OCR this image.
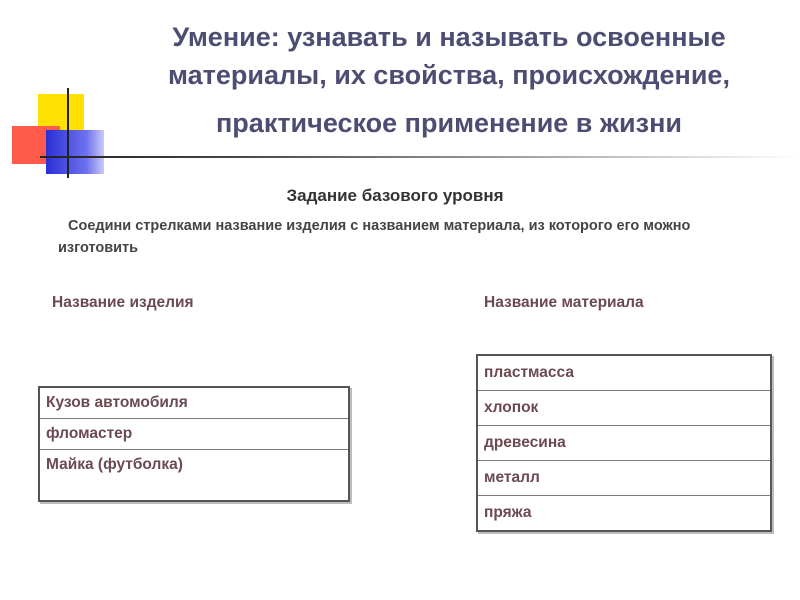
Умение: узнавать и называть освоенные
материалы, их свойства, происхождение,
практическое применение в жизни
Задание базового уровня
Соедини стрелками название изделия с названием материала, из которого его можно изготовить
Название изделия	Название материала
Кузов автомобиля
фломастер
Майка (футболка)
пластмасса
хлопок
древесина
металл
пряжа
